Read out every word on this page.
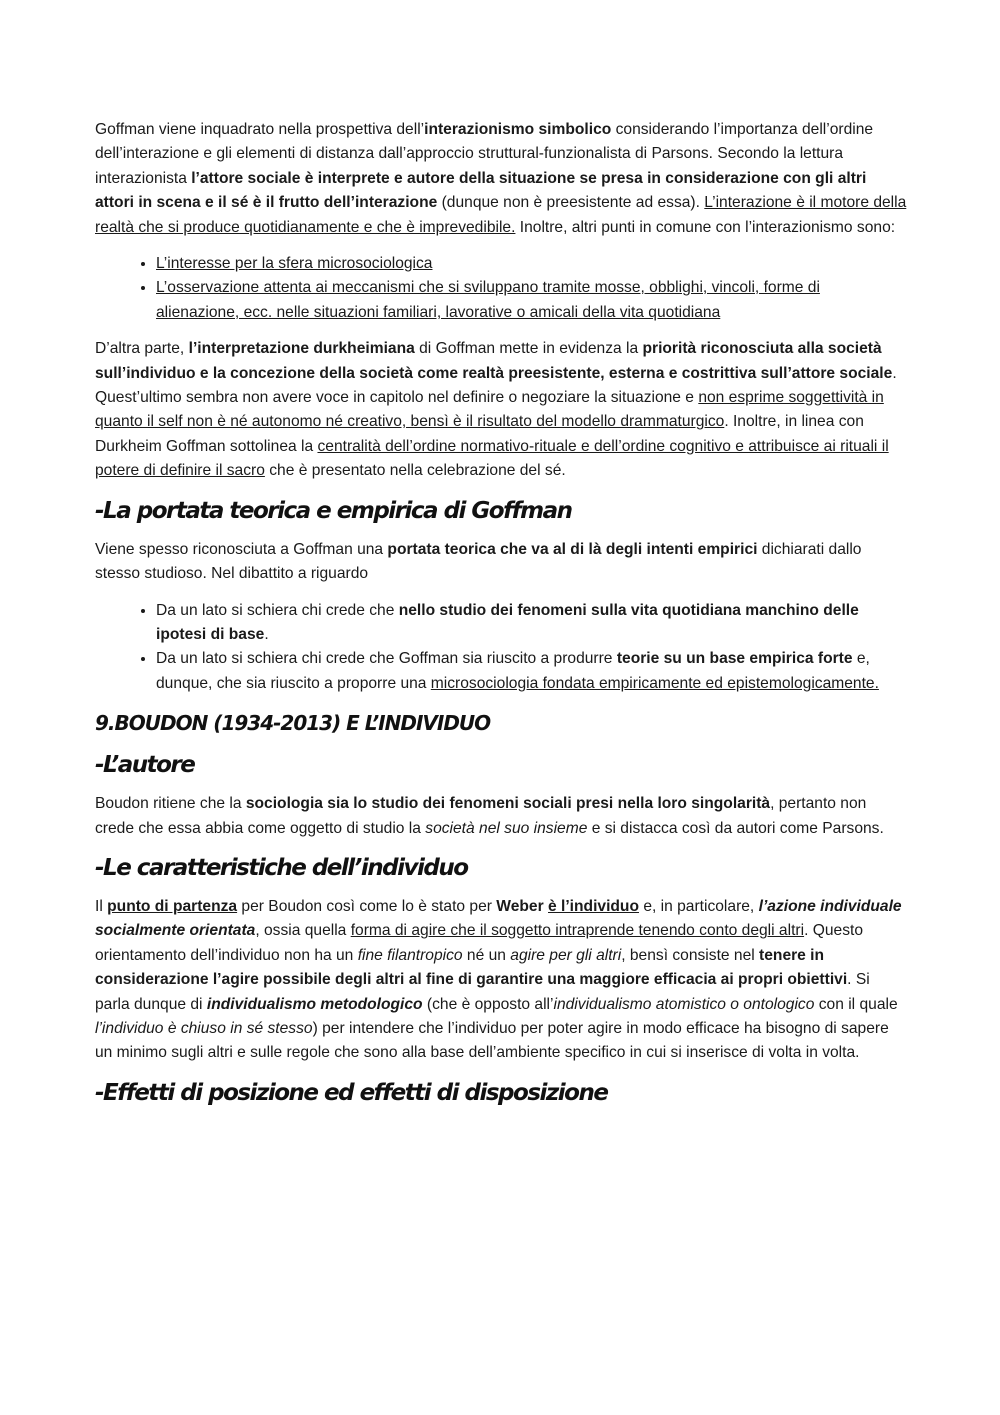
Goffman viene inquadrato nella prospettiva dell’interazionismo simbolico considerando l’importanza dell’ordine dell’interazione e gli elementi di distanza dall’approccio struttural-funzionalista di Parsons. Secondo la lettura interazionista l’attore sociale è interprete e autore della situazione se presa in considerazione con gli altri attori in scena e il sé è il frutto dell’interazione (dunque non è preesistente ad essa). L’interazione è il motore della realtà che si produce quotidianamente e che è imprevedibile. Inoltre, altri punti in comune con l’interazionismo sono:

• L’interesse per la sfera microsociologica
• L’osservazione attenta ai meccanismi che si sviluppano tramite mosse, obblighi, vincoli, forme di alienazione, ecc. nelle situazioni familiari, lavorative o amicali della vita quotidiana

D’altra parte, l’interpretazione durkheimiana di Goffman mette in evidenza la priorità riconosciuta alla società sull’individuo e la concezione della società come realtà preesistente, esterna e costrittiva sull’attore sociale. Quest’ultimo sembra non avere voce in capitolo nel definire o negoziare la situazione e non esprime soggettività in quanto il self non è né autonomo né creativo, bensì è il risultato del modello drammaturgico. Inoltre, in linea con Durkheim Goffman sottolinea la centralità dell’ordine normativo-rituale e dell’ordine cognitivo e attribuisce ai rituali il potere di definire il sacro che è presentato nella celebrazione del sé.

-La portata teorica e empirica di Goffman

Viene spesso riconosciuta a Goffman una portata teorica che va al di là degli intenti empirici dichiarati dallo stesso studioso. Nel dibattito a riguardo

• Da un lato si schiera chi crede che nello studio dei fenomeni sulla vita quotidiana manchino delle ipotesi di base.
• Da un lato si schiera chi crede che Goffman sia riuscito a produrre teorie su un base empirica forte e, dunque, che sia riuscito a proporre una microsociologia fondata empiricamente ed epistemologicamente.
9.BOUDON (1934-2013) E L’INDIVIDUO
-L’autore

Boudon ritiene che la sociologia sia lo studio dei fenomeni sociali presi nella loro singolarità, pertanto non crede che essa abbia come oggetto di studio la società nel suo insieme e si distacca così da autori come Parsons.

-Le caratteristiche dell’individuo

Il punto di partenza per Boudon così come lo è stato per Weber è l’individuo e, in particolare, l’azione individuale socialmente orientata, ossia quella forma di agire che il soggetto intraprende tenendo conto degli altri. Questo orientamento dell’individuo non ha un fine filantropico né un agire per gli altri, bensì consiste nel tenere in considerazione l’agire possibile degli altri al fine di garantire una maggiore efficacia ai propri obiettivi. Si parla dunque di individualismo metodologico (che è opposto all’individualismo atomistico o ontologico con il quale l’individuo è chiuso in sé stesso) per intendere che l’individuo per poter agire in modo efficace ha bisogno di sapere un minimo sugli altri e sulle regole che sono alla base dell’ambiente specifico in cui si inserisce di volta in volta.

-Effetti di posizione ed effetti di disposizione
